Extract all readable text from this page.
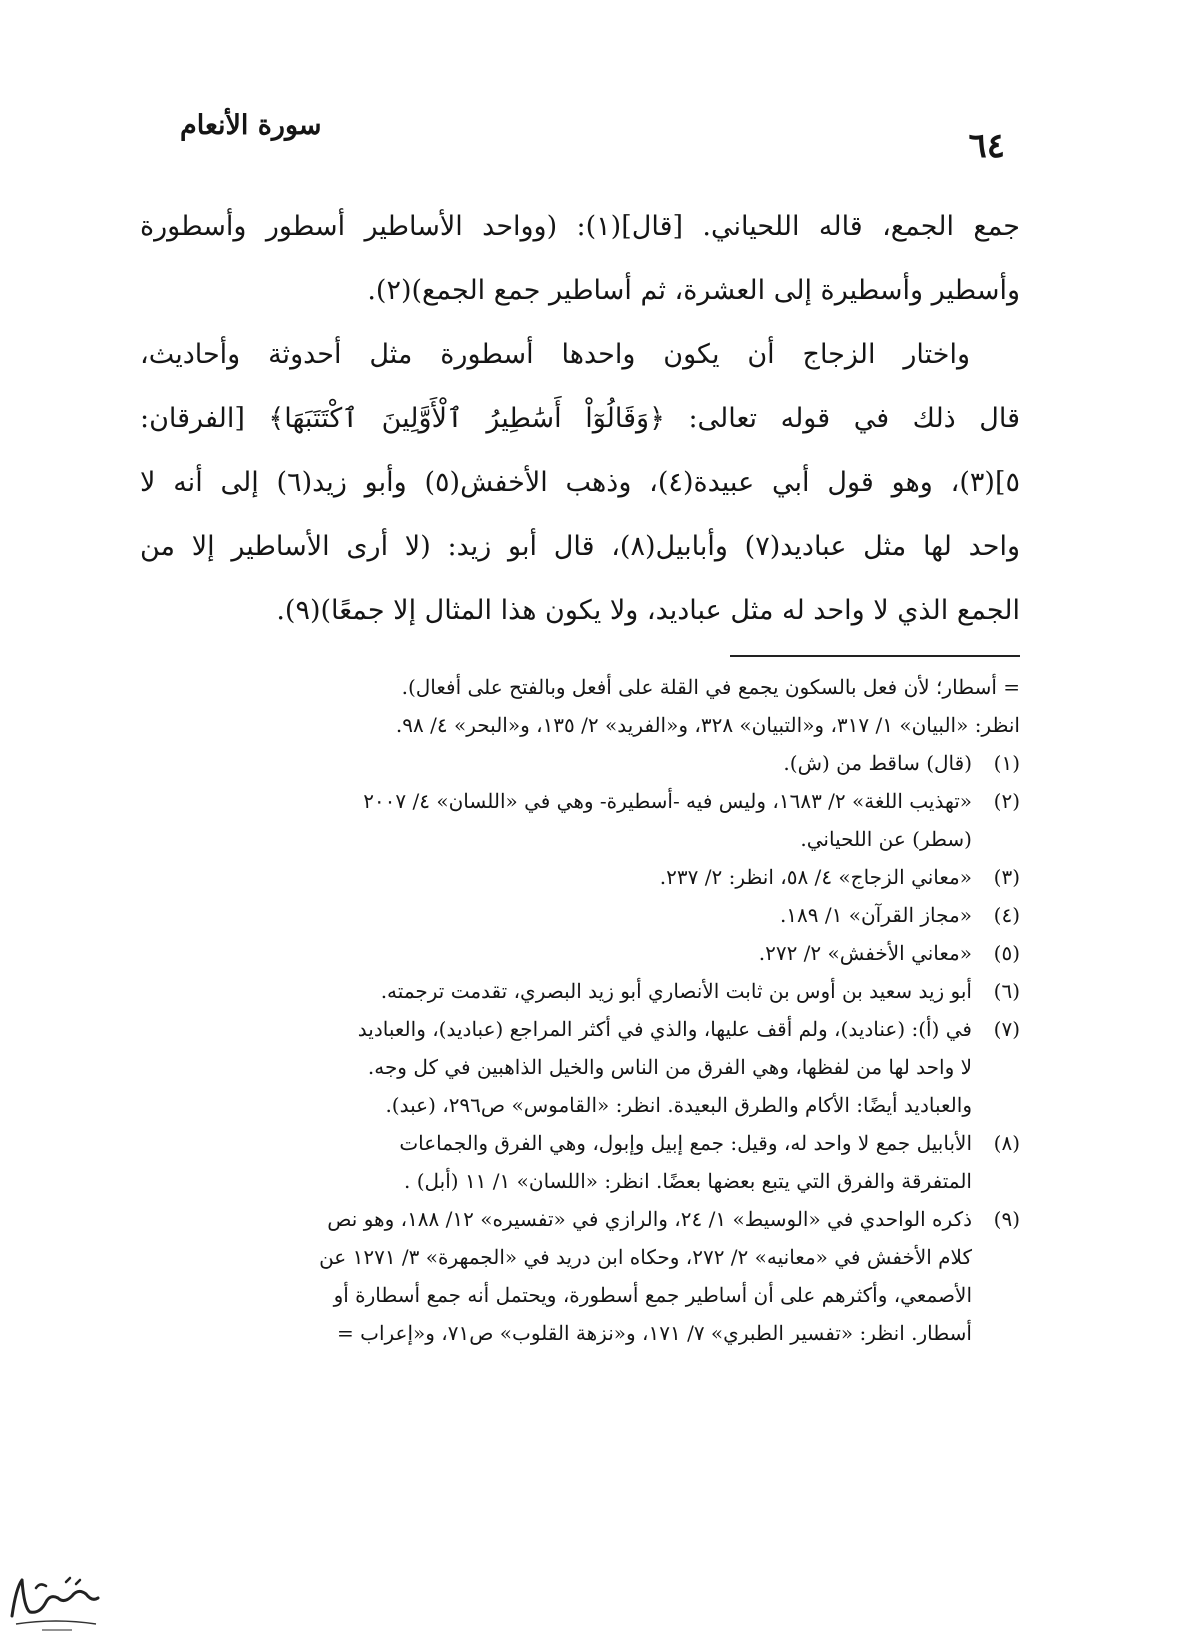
٦٤
سورة الأنعام
جمع الجمع، قاله اللحياني. [قال](١): (وواحد الأساطير أسطور وأسطورة
وأسطير وأسطيرة إلى العشرة، ثم أساطير جمع الجمع)(٢).
واختار الزجاج أن يكون واحدها أسطورة مثل أحدوثة وأحاديث،
قال ذلك في قوله تعالى: ﴿وَقَالُوٓاْ أَسَٰطِيرُ ٱلْأَوَّلِينَ ٱكْتَتَبَهَا﴾ [الفرقان:
٥](٣)، وهو قول أبي عبيدة(٤)، وذهب الأخفش(٥) وأبو زيد(٦) إلى أنه لا
واحد لها مثل عباديد(٧) وأبابيل(٨)، قال أبو زيد: (لا أرى الأساطير إلا من
الجمع الذي لا واحد له مثل عباديد، ولا يكون هذا المثال إلا جمعًا)(٩).
= أسطار؛ لأن فعل بالسكون يجمع في القلة على أفعل وبالفتح على أفعال).
انظر: «البيان» ١/ ٣١٧، و«التبيان» ٣٢٨، و«الفريد» ٢/ ١٣٥، و«البحر» ٤/ ٩٨.
(١)(قال) ساقط من (ش).
(٢)«تهذيب اللغة» ٢/ ١٦٨٣، وليس فيه -أسطيرة- وهي في «اللسان» ٤/ ٢٠٠٧
(سطر) عن اللحياني.
(٣)«معاني الزجاج» ٤/ ٥٨، انظر: ٢/ ٢٣٧.
(٤)«مجاز القرآن» ١/ ١٨٩.
(٥)«معاني الأخفش» ٢/ ٢٧٢.
(٦)أبو زيد سعيد بن أوس بن ثابت الأنصاري أبو زيد البصري، تقدمت ترجمته.
(٧)في (أ): (عناديد)، ولم أقف عليها، والذي في أكثر المراجع (عباديد)، والعباديد
لا واحد لها من لفظها، وهي الفرق من الناس والخيل الذاهبين في كل وجه.
والعباديد أيضًا: الأكام والطرق البعيدة. انظر: «القاموس» ص٢٩٦، (عبد).
(٨)الأبابيل جمع لا واحد له، وقيل: جمع إبيل وإبول، وهي الفرق والجماعات
المتفرقة والفرق التي يتبع بعضها بعضًا. انظر: «اللسان» ١/ ١١ (أبل) .
(٩)ذكره الواحدي في «الوسيط» ١/ ٢٤، والرازي في «تفسيره» ١٢/ ١٨٨، وهو نص
كلام الأخفش في «معانيه» ٢/ ٢٧٢، وحكاه ابن دريد في «الجمهرة» ٣/ ١٢٧١ عن
الأصمعي، وأكثرهم على أن أساطير جمع أسطورة، ويحتمل أنه جمع أسطارة أو
أسطار. انظر: «تفسير الطبري» ٧/ ١٧١، و«نزهة القلوب» ص٧١، و«إعراب =
